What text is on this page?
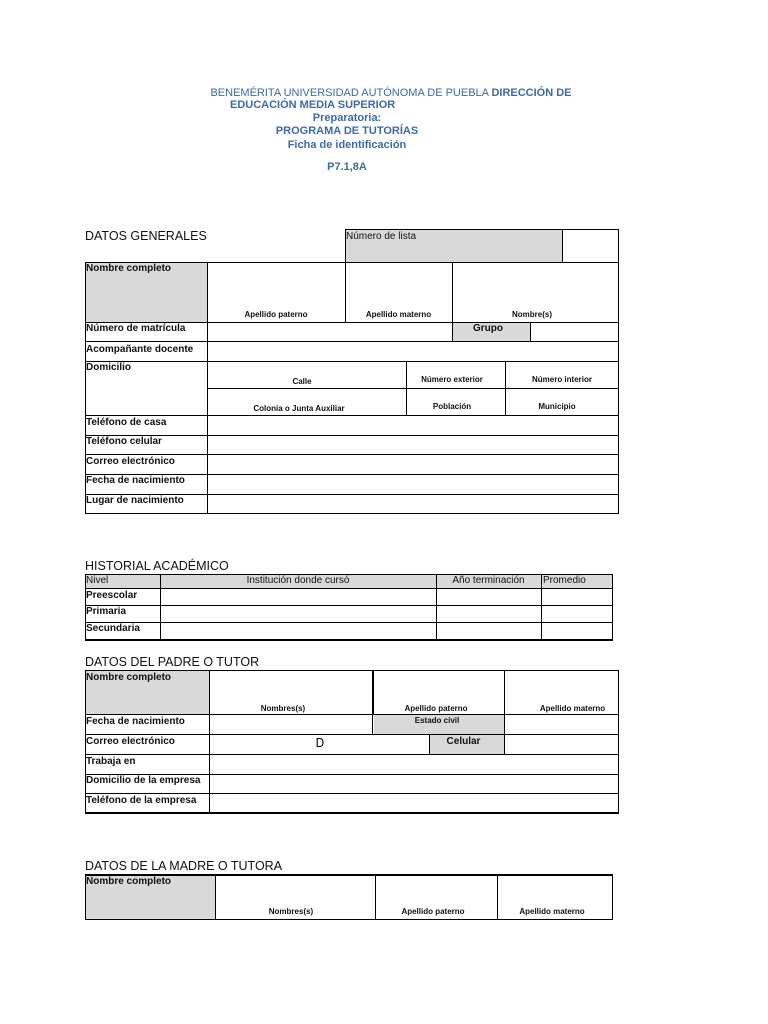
BENEMÉRITA UNIVERSIDAD AUTÓNOMA DE PUEBLA DIRECCIÓN DE
EDUCACIÓN MEDIA SUPERIOR
Preparatoria:
PROGRAMA DE TUTORÍAS
Ficha de identificación
P7.1,8A
DATOS GENERALES	Número de lista
Nombre completo
Apellido paterno	Apellido materno	Nombre(s)
Número de matrícula	Grupo
Acompañante docente
Domicilio
Calle	Número exterior	Número interior
Colonia o Junta Auxiliar	Población	Municipio
Teléfono de casa
Teléfono celular
Correo electrónico
Fecha de nacimiento
Lugar de nacimiento
HISTORIAL ACADÉMICO
Nivel	Institución donde cursó	Año terminación	Promedio
Preescolar
Primaria
Secundaria
DATOS DEL PADRE O TUTOR
Nombre completo
Nombres(s)	Apellido paterno	Apellido materno
Fecha de nacimiento	Estado civil
Correo electrónico	Ꭰ	Celular
Trabaja en
Domicilio de la empresa
Teléfono de la empresa
DATOS DE LA MADRE O TUTORA
Nombre completo
Nombres(s)	Apellido paterno	Apellido materno
